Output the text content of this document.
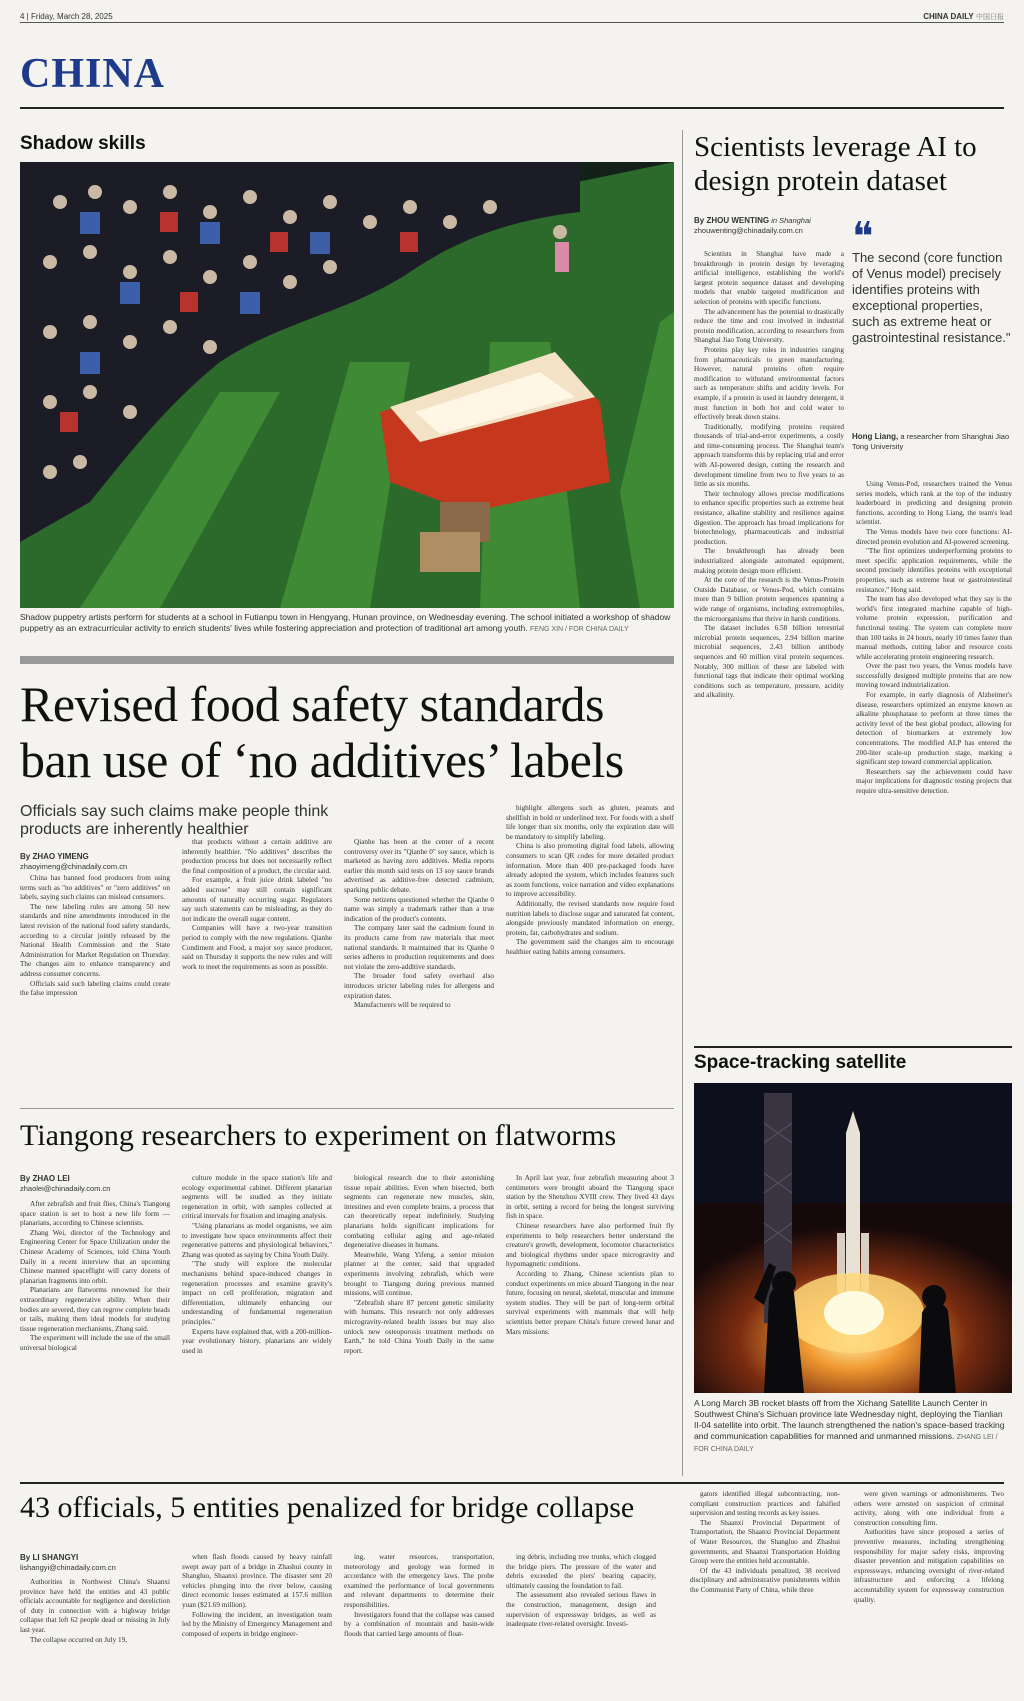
4 | Friday, March 28, 2025	CHINA DAILY 中国日报
CHINA
Shadow skills
Shadow puppetry artists perform for students at a school in Futianpu town in Hengyang, Hunan province, on Wednesday evening. The school initiated a workshop of shadow puppetry as an extracurricular activity to enrich students' lives while fostering appreciation and protection of traditional art among youth. FENG XIN / FOR CHINA DAILY
Revised food safety standards
ban use of ‘no additives’ labels
Officials say such claims make people think products are inherently healthier
By ZHAO YIMENG
zhaoyimeng@chinadaily.com.cn

China has banned food producers from using terms such as "no additives" or "zero additives" on labels, saying such claims can mislead consumers.

The new labeling rules are among 50 new standards and nine amendments introduced in the latest revision of the national food safety standards, according to a circular jointly released by the National Health Commission and the State Administration for Market Regulation on Thursday. The changes aim to enhance transparency and address consumer concerns.

Officials said such labeling claims could create the false impression

that products without a certain additive are inherently healthier. "No additives" describes the production process but does not necessarily reflect the final composition of a product, the circular said.

For example, a fruit juice drink labeled "no added sucrose" may still contain significant amounts of naturally occurring sugar. Regulators say such statements can be misleading, as they do not indicate the overall sugar content.

Companies will have a two-year transition period to comply with the new regulations. Qianhe Condiment and Food, a major soy sauce producer, said on Thursday it supports the new rules and will work to meet the requirements as soon as possible.

Qianhe has been at the center of a recent controversy over its "Qianhe 0" soy sauce, which is marketed as having zero additives. Media reports earlier this month said tests on 13 soy sauce brands advertised as additive-free detected cadmium, sparking public debate.

Some netizens questioned whether the Qianhe 0 name was simply a trademark rather than a true indication of the product's contents.

The company later said the cadmium found in its products came from raw materials that meet national standards. It maintained that its Qianhe 0 series adheres to production requirements and does not violate the zero-additive standards.

The broader food safety overhaul also introduces stricter labeling rules for allergens and expiration dates.

Manufacturers will be required to

highlight allergens such as gluten, peanuts and shellfish in bold or underlined text. For foods with a shelf life longer than six months, only the expiration date will be mandatory to simplify labeling.

China is also promoting digital food labels, allowing consumers to scan QR codes for more detailed product information. More than 400 pre-packaged foods have already adopted the system, which includes features such as zoom functions, voice narration and video explanations to improve accessibility.

Additionally, the revised standards now require food nutrition labels to disclose sugar and saturated fat content, alongside previously mandated information on energy, protein, fat, carbohydrates and sodium.

The government said the changes aim to encourage healthier eating habits among consumers.

Tiangong researchers to experiment on flatworms
By ZHAO LEI
zhaolei@chinadaily.com.cn

After zebrafish and fruit flies, China's Tiangong space station is set to host a new life form — planarians, according to Chinese scientists.

Zhang Wei, director of the Technology and Engineering Center for Space Utilization under the Chinese Academy of Sciences, told China Youth Daily in a recent interview that an upcoming Chinese manned spaceflight will carry dozens of planarian fragments into orbit.

Planarians are flatworms renowned for their extraordinary regenerative ability. When their bodies are severed, they can regrow complete heads or tails, making them ideal models for studying tissue regeneration mechanisms, Zhang said.

The experiment will include the use of the small universal biological

culture module in the space station's life and ecology experimental cabinet. Different planarian segments will be studied as they initiate regeneration in orbit, with samples collected at critical intervals for fixation and imaging analysis.

"Using planarians as model organisms, we aim to investigate how space environments affect their regenerative patterns and physiological behaviors," Zhang was quoted as saying by China Youth Daily.

"The study will explore the molecular mechanisms behind space-induced changes in regeneration processes and examine gravity's impact on cell proliferation, migration and differentiation, ultimately enhancing our understanding of fundamental regeneration principles."

Experts have explained that, with a 200-million-year evolutionary history, planarians are widely used in

biological research due to their astonishing tissue repair abilities. Even when bisected, both segments can regenerate new muscles, skin, intestines and even complete brains, a process that can theoretically repeat indefinitely. Studying planarians holds significant implications for combating cellular aging and age-related degenerative diseases in humans.

Meanwhile, Wang Yifeng, a senior mission planner at the center, said that upgraded experiments involving zebrafish, which were brought to Tiangong during previous manned missions, will continue.

"Zebrafish share 87 percent genetic similarity with humans. This research not only addresses microgravity-related health issues but may also unlock new osteoporosis treatment methods on Earth," he told China Youth Daily in the same report.

In April last year, four zebrafish measuring about 3 centimeters were brought aboard the Tiangong space station by the Shenzhou XVIII crew. They lived 43 days in orbit, setting a record for being the longest surviving fish in space.

Chinese researchers have also performed fruit fly experiments to help researchers better understand the creature's growth, development, locomotor characteristics and biological rhythms under space microgravity and hypomagnetic conditions.

According to Zhang, Chinese scientists plan to conduct experiments on mice aboard Tiangong in the near future, focusing on neural, skeletal, muscular and immune system studies. They will be part of long-term orbital survival experiments with mammals that will help scientists better prepare China's future crewed lunar and Mars missions.

43 officials, 5 entities penalized for bridge collapse
By LI SHANGYI
lishangyi@chinadaily.com.cn

Authorities in Northwest China's Shaanxi province have held the entities and 43 public officials accountable for negligence and dereliction of duty in connection with a highway bridge collapse that left 62 people dead or missing in July last year.

The collapse occurred on July 19,

when flash floods caused by heavy rainfall swept away part of a bridge in Zhashui county in Shangluo, Shaanxi province. The disaster sent 20 vehicles plunging into the river below, causing direct economic losses estimated at 157.6 million yuan ($21.69 million).

Following the incident, an investigation team led by the Ministry of Emergency Management and composed of experts in bridge engineer-

ing, water resources, transportation, meteorology and geology was formed in accordance with the emergency laws. The probe examined the performance of local governments and relevant departments to determine their responsibilities.

Investigators found that the collapse was caused by a combination of mountain and basin-wide floods that carried large amounts of float-

ing debris, including tree trunks, which clogged the bridge piers. The pressure of the water and debris exceeded the piers' bearing capacity, ultimately causing the foundation to fail.

The assessment also revealed serious flaws in the construction, management, design and supervision of expressway bridges, as well as inadequate river-related oversight. Investi-

gators identified illegal subcontracting, non-compliant construction practices and falsified supervision and testing records as key issues.

The Shaanxi Provincial Department of Transportation, the Shaanxi Provincial Department of Water Resources, the Shangluo and Zhashui governments, and Shaanxi Transportation Holding Group were the entities held accountable.

Of the 43 individuals penalized, 38 received disciplinary and administrative punishments within the Communist Party of China, while three

were given warnings or admonishments. Two others were arrested on suspicion of criminal activity, along with one individual from a construction consulting firm.

Authorities have since proposed a series of preventive measures, including strengthening responsibility for major safety risks, improving disaster prevention and mitigation capabilities on expressways, enhancing oversight of river-related infrastructure and enforcing a lifelong accountability system for expressway construction quality.

Scientists leverage AI to design protein dataset
By ZHOU WENTING in Shanghai
zhouwenting@chinadaily.com.cn	❝
The second (core function of Venus model) precisely identifies proteins with exceptional properties, such as extreme heat or gastrointestinal resistance."
Hong Liang, a researcher from Shanghai Jiao Tong University

Scientists in Shanghai have made a breakthrough in protein design by leveraging artificial intelligence, establishing the world's largest protein sequence dataset and developing models that enable targeted modification and selection of proteins with specific functions.

The advancement has the potential to drastically reduce the time and cost involved in industrial protein modification, according to researchers from Shanghai Jiao Tong University.

Proteins play key roles in industries ranging from pharmaceuticals to green manufacturing. However, natural proteins often require modification to withstand environmental factors such as temperature shifts and acidity levels. For example, if a protein is used in laundry detergent, it must function in both hot and cold water to effectively break down stains.

Traditionally, modifying proteins required thousands of trial-and-error experiments, a costly and time-consuming process. The Shanghai team's approach transforms this by replacing trial and error with AI-powered design, cutting the research and development timeline from two to five years to as little as six months.

Their technology allows precise modifications to enhance specific properties such as extreme heat resistance, alkaline stability and resilience against digestion. The approach has broad implications for biotechnology, pharmaceuticals and industrial production.

The breakthrough has already been industrialized alongside automated equipment, making protein design more efficient.

At the core of the research is the Venus-Protein Outside Database, or Venus-Pod, which contains more than 9 billion protein sequences spanning a wide range of organisms, including extremophiles, the microorganisms that thrive in harsh conditions.

The dataset includes 6.58 billion terrestrial microbial protein sequences, 2.94 billion marine microbial sequences, 2.43 billion antibody sequences and 60 million viral protein sequences. Notably, 300 million of these are labeled with functional tags that indicate their optimal working conditions such as temperature, pressure, acidity and alkalinity.

Using Venus-Pod, researchers trained the Venus series models, which rank at the top of the industry leaderboard in predicting and designing protein functions, according to Hong Liang, the team's lead scientist.

The Venus models have two core functions: AI-directed protein evolution and AI-powered screening.

"The first optimizes underperforming proteins to meet specific application requirements, while the second precisely identifies proteins with exceptional properties, such as extreme heat or gastrointestinal resistance," Hong said.

The team has also developed what they say is the world's first integrated machine capable of high-volume protein expression, purification and functional testing. The system can complete more than 100 tasks in 24 hours, nearly 10 times faster than manual methods, cutting labor and resource costs while accelerating protein engineering research.

Over the past two years, the Venus models have successfully designed multiple proteins that are now moving toward industrialization.

For example, in early diagnosis of Alzheimer's disease, researchers optimized an enzyme known as alkaline phosphatase to perform at three times the activity level of the best global product, allowing for detection of biomarkers at extremely low concentrations. The modified ALP has entered the 200-liter scale-up production stage, marking a significant step toward commercial application.

Researchers say the achievement could have major implications for diagnostic testing projects that require ultra-sensitive detection.

Space-tracking satellite
A Long March 3B rocket blasts off from the Xichang Satellite Launch Center in Southwest China's Sichuan province late Wednesday night, deploying the Tianlian II-04 satellite into orbit. The launch strengthened the nation's space-based tracking and communication capabilities for manned and unmanned missions. ZHANG LEI / FOR CHINA DAILY
